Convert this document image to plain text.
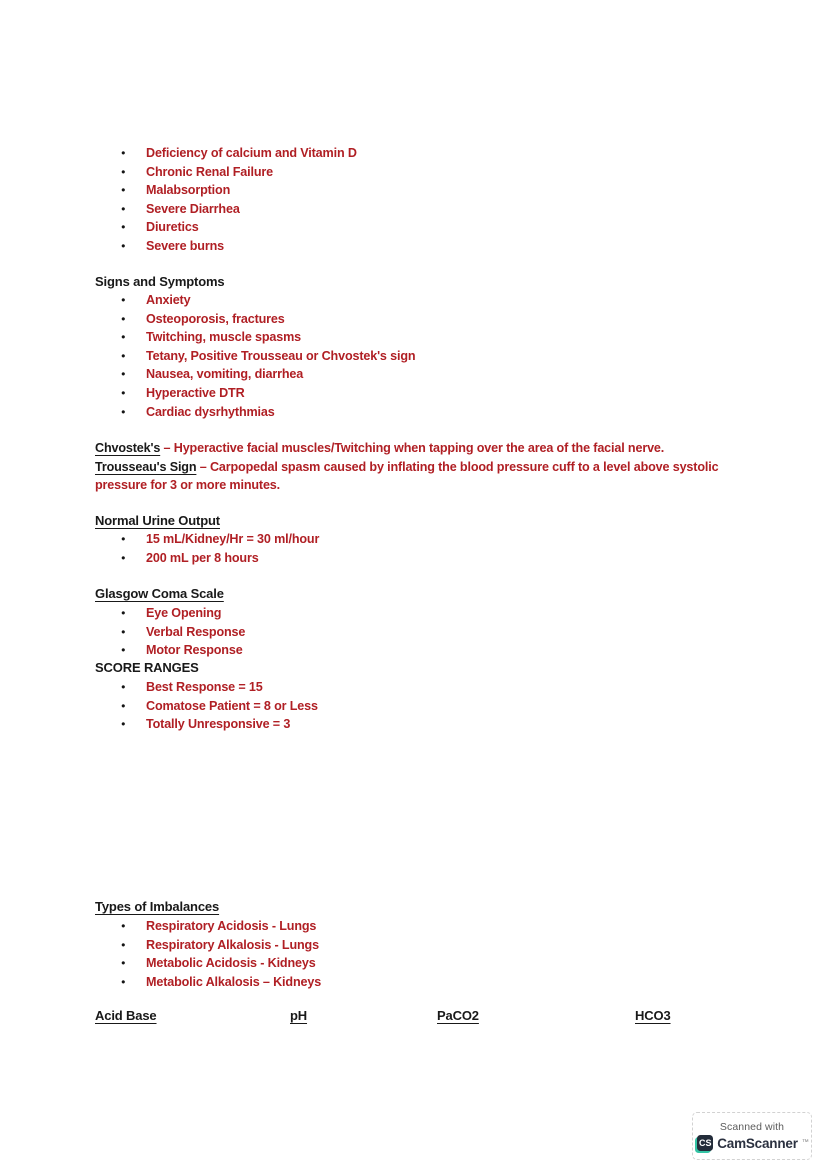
● Deficiency of calcium and Vitamin D
● Chronic Renal Failure
● Malabsorption
● Severe Diarrhea
● Diuretics
● Severe burns
Signs and Symptoms
● Anxiety
● Osteoporosis, fractures
● Twitching, muscle spasms
● Tetany, Positive Trousseau or Chvostek's sign
● Nausea, vomiting, diarrhea
● Hyperactive DTR
● Cardiac dysrhythmias

Chvostek's – Hyperactive facial muscles/Twitching when tapping over the area of the facial nerve.

Trousseau's Sign – Carpopedal spasm caused by inflating the blood pressure cuff to a level above systolic pressure for 3 or more minutes.

Normal Urine Output
● 15 mL/Kidney/Hr = 30 ml/hour
● 200 mL per 8 hours
Glasgow Coma Scale
● Eye Opening
● Verbal Response
● Motor Response
SCORE RANGES
● Best Response = 15
● Comatose Patient = 8 or Less
● Totally Unresponsive = 3
Types of Imbalances
● Respiratory Acidosis - Lungs
● Respiratory Alkalosis - Lungs
● Metabolic Acidosis - Kidneys
● Metabolic Alkalosis – Kidneys
Acid Base	pH	PaCO2	HCO3
Scanned with
CS CamScanner ™
